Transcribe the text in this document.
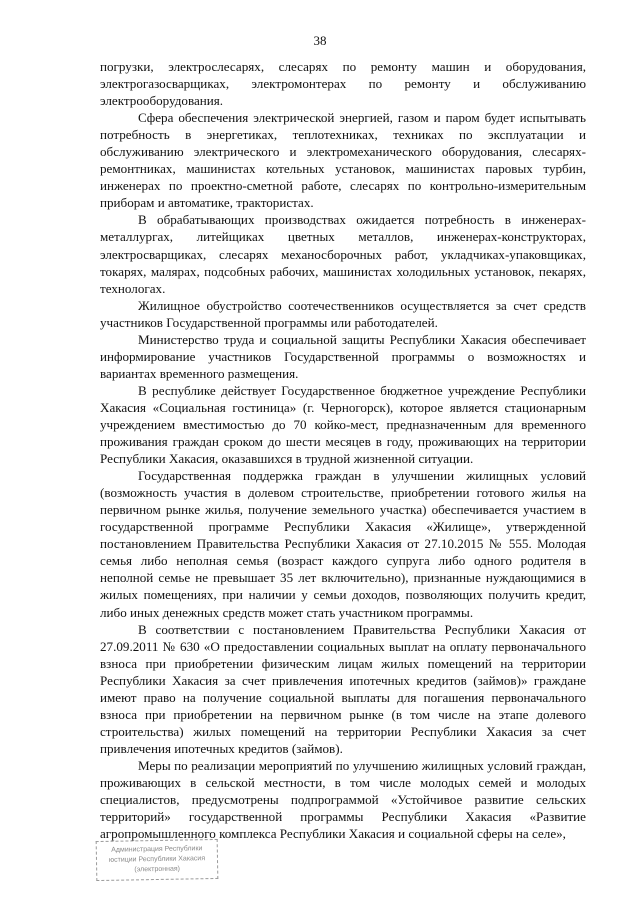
38

погрузки, электрослесарях, слесарях по ремонту машин и оборудования, электрогазосварщиках, электромонтерах по ремонту и обслуживанию электрооборудования.

Сфера обеспечения электрической энергией, газом и паром будет испытывать потребность в энергетиках, теплотехниках, техниках по эксплуатации и обслуживанию электрического и электромеханического оборудования, слесарях-ремонтниках, машинистах котельных установок, машинистах паровых турбин, инженерах по проектно-сметной работе, слесарях по контрольно-измерительным приборам и автоматике, трактористах.

В обрабатывающих производствах ожидается потребность в инженерах-металлургах, литейщиках цветных металлов, инженерах-конструкторах, электросварщиках, слесарях механосборочных работ, укладчиках-упаковщиках, токарях, малярах, подсобных рабочих, машинистах холодильных установок, пекарях, технологах.

Жилищное обустройство соотечественников осуществляется за счет средств участников Государственной программы или работодателей.

Министерство труда и социальной защиты Республики Хакасия обеспечивает информирование участников Государственной программы о возможностях и вариантах временного размещения.

В республике действует Государственное бюджетное учреждение Республики Хакасия «Социальная гостиница» (г. Черногорск), которое является стационарным учреждением вместимостью до 70 койко-мест, предназначенным для временного проживания граждан сроком до шести месяцев в году, проживающих на территории Республики Хакасия, оказавшихся в трудной жизненной ситуации.

Государственная поддержка граждан в улучшении жилищных условий (возможность участия в долевом строительстве, приобретении готового жилья на первичном рынке жилья, получение земельного участка) обеспечивается участием в государственной программе Республики Хакасия «Жилище», утвержденной постановлением Правительства Республики Хакасия от 27.10.2015 № 555. Молодая семья либо неполная семья (возраст каждого супруга либо одного родителя в неполной семье не превышает 35 лет включительно), признанные нуждающимися в жилых помещениях, при наличии у семьи доходов, позволяющих получить кредит, либо иных денежных средств может стать участником программы.

В соответствии с постановлением Правительства Республики Хакасия от 27.09.2011 № 630 «О предоставлении социальных выплат на оплату первоначального взноса при приобретении физическим лицам жилых помещений на территории Республики Хакасия за счет привлечения ипотечных кредитов (займов)» граждане имеют право на получение социальной выплаты для погашения первоначального взноса при приобретении на первичном рынке (в том числе на этапе долевого строительства) жилых помещений на территории Республики Хакасия за счет привлечения ипотечных кредитов (займов).

Меры по реализации мероприятий по улучшению жилищных условий граждан, проживающих в сельской местности, в том числе молодых семей и молодых специалистов, предусмотрены подпрограммой «Устойчивое развитие сельских территорий» государственной программы Республики Хакасия «Развитие агропромышленного комплекса Республики Хакасия и социальной сферы на селе»,

Администрация Республики
юстиции Республики Хакасия
(электронная)
